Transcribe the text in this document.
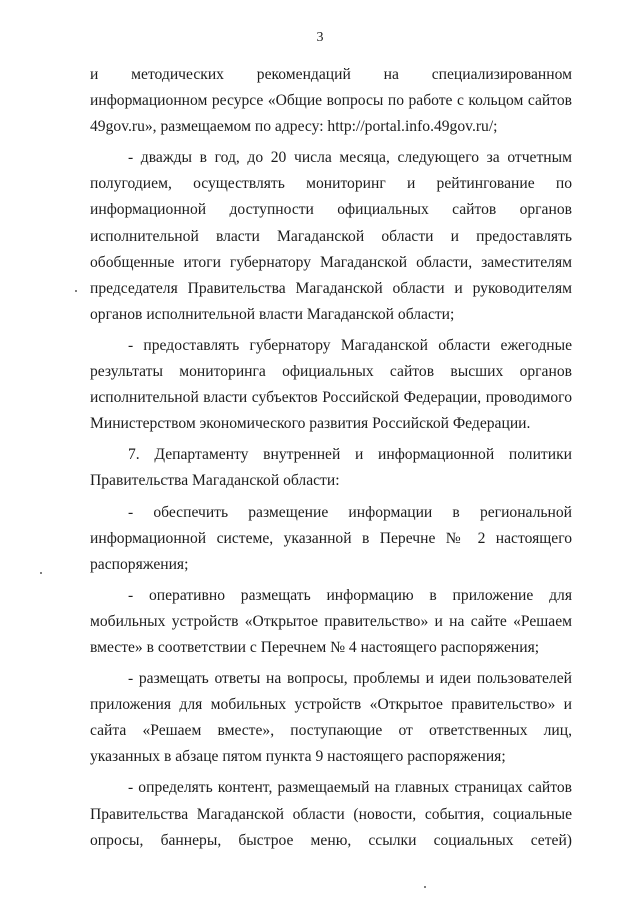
3

и методических рекомендаций на специализированном информационном ресурсе «Общие вопросы по работе с кольцом сайтов 49gov.ru», размещаемом по адресу: http://portal.info.49gov.ru/;

- дважды в год, до 20 числа месяца, следующего за отчетным полугодием, осуществлять мониторинг и рейтингование по информационной доступности официальных сайтов органов исполнительной власти Магаданской области и предоставлять обобщенные итоги губернатору Магаданской области, заместителям председателя Правительства Магаданской области и руководителям органов исполнительной власти Магаданской области;

- предоставлять губернатору Магаданской области ежегодные результаты мониторинга официальных сайтов высших органов исполнительной власти субъектов Российской Федерации, проводимого Министерством экономического развития Российской Федерации.

7. Департаменту внутренней и информационной политики Правительства Магаданской области:

- обеспечить размещение информации в региональной информационной системе, указанной в Перечне № 2 настоящего распоряжения;

- оперативно размещать информацию в приложение для мобильных устройств «Открытое правительство» и на сайте «Решаем вместе» в соответствии с Перечнем № 4 настоящего распоряжения;

- размещать ответы на вопросы, проблемы и идеи пользователей приложения для мобильных устройств «Открытое правительство» и сайта «Решаем вместе», поступающие от ответственных лиц, указанных в абзаце пятом пункта 9 настоящего распоряжения;

- определять контент, размещаемый на главных страницах сайтов Правительства Магаданской области (новости, события, социальные опросы, баннеры, быстрое меню, ссылки социальных сетей)
